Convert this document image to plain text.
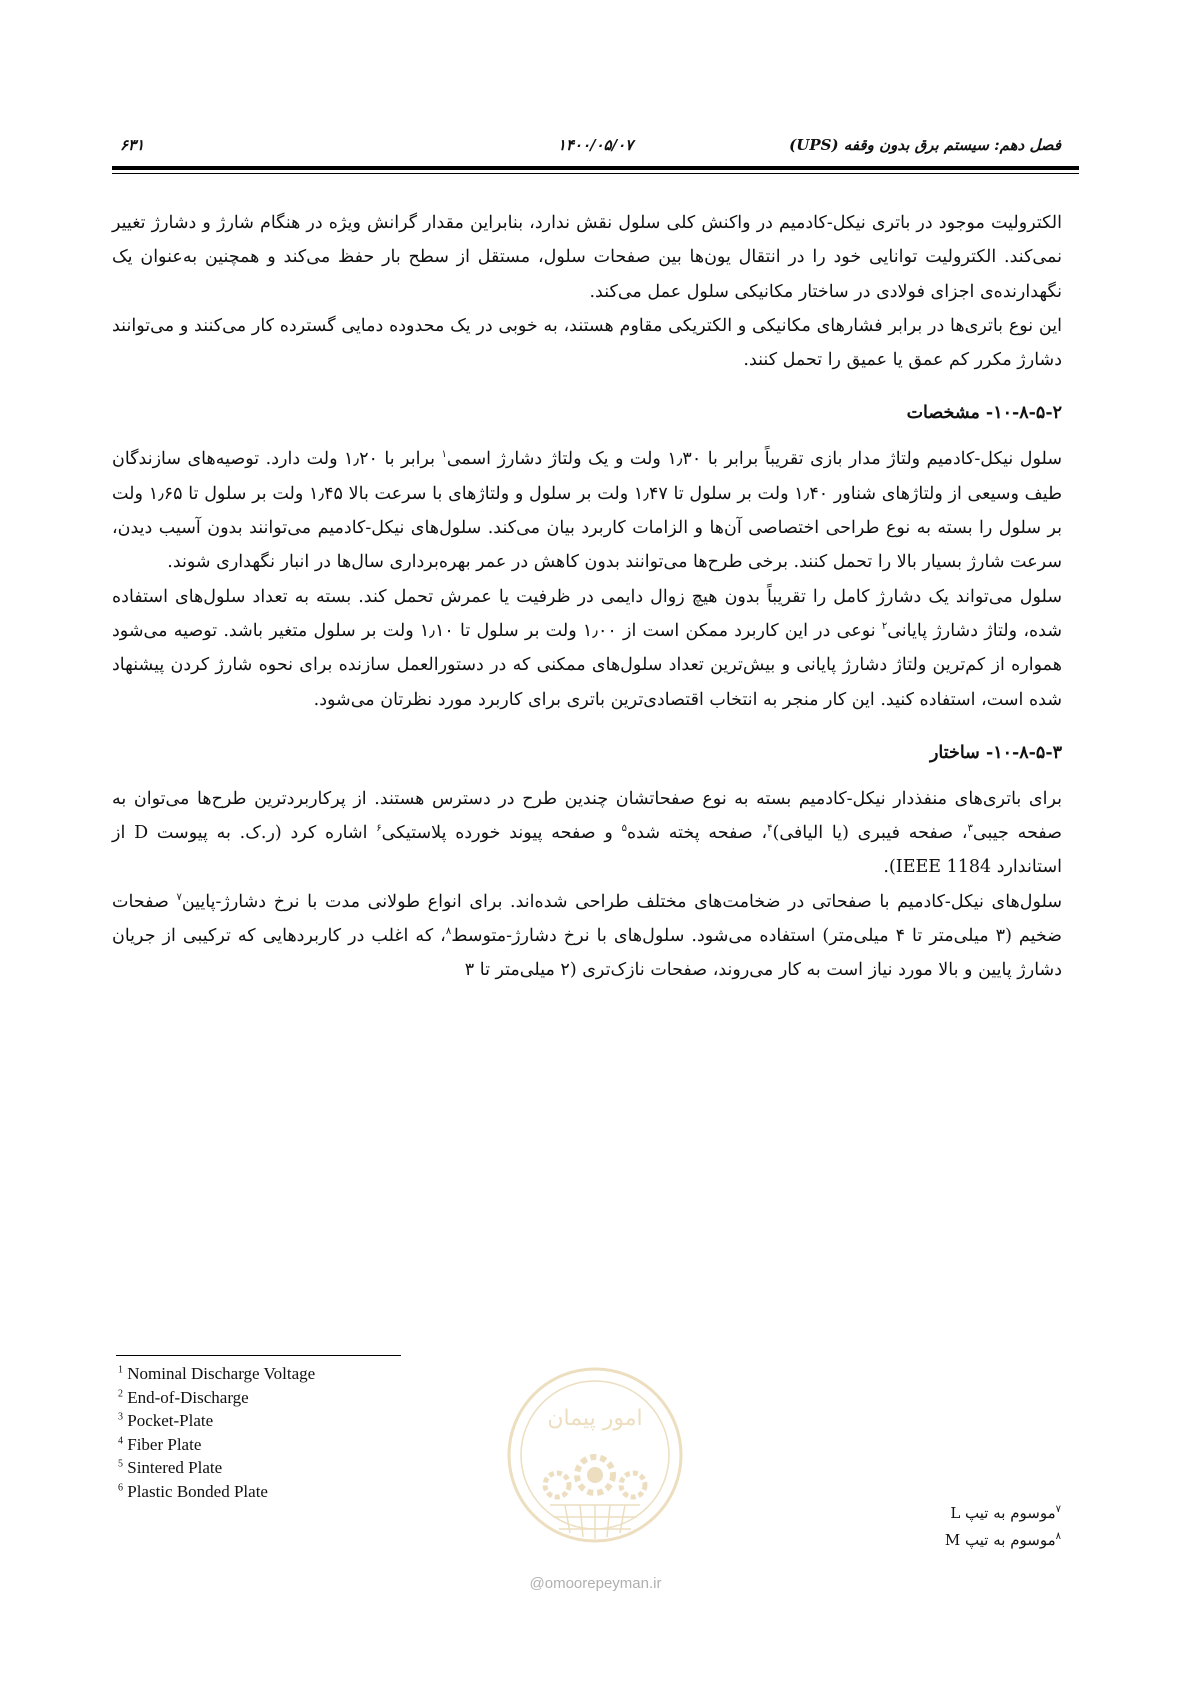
فصل دهم: سیستم برق بدون وقفه (UPS)
۱۴۰۰/۰۵/۰۷
۶۳۱

الکترولیت موجود در باتری نیکل-کادمیم در واکنش کلی سلول نقش ندارد، بنابراین مقدار گرانش ویژه در هنگام شارژ و دشارژ تغییر نمی‌کند. الکترولیت توانایی خود را در انتقال یون‌ها بین صفحات سلول، مستقل از سطح بار حفظ می‌کند و همچنین به‌عنوان یک نگهدارنده‌ی اجزای فولادی در ساختار مکانیکی سلول عمل می‌کند.

این نوع باتری‌ها در برابر فشارهای مکانیکی و الکتریکی مقاوم هستند، به خوبی در یک محدوده دمایی گسترده کار می‌کنند و می‌توانند دشارژ مکرر کم عمق یا عمیق را تحمل کنند.

۱۰-۸-۵-۲- مشخصات

سلول نیکل-کادمیم ولتاژ مدار بازی تقریباً برابر با ۱٫۳۰ ولت و یک ولتاژ دشارژ اسمی$^۱$ برابر با ۱٫۲۰ ولت دارد. توصیه‌های سازندگان طیف وسیعی از ولتاژهای شناور ۱٫۴۰ ولت بر سلول تا ۱٫۴۷ ولت بر سلول و ولتاژهای با سرعت بالا ۱٫۴۵ ولت بر سلول تا ۱٫۶۵ ولت بر سلول را بسته به نوع طراحی اختصاصی آن‌ها و الزامات کاربرد بیان می‌کند. سلول‌های نیکل-کادمیم می‌توانند بدون آسیب دیدن، سرعت شارژ بسیار بالا را تحمل کنند. برخی طرح‌ها می‌توانند بدون کاهش در عمر بهره‌برداری سال‌ها در انبار نگهداری شوند.

سلول می‌تواند یک دشارژ کامل را تقریباً بدون هیچ زوال دایمی در ظرفیت یا عمرش تحمل کند. بسته به تعداد سلول‌های استفاده شده، ولتاژ دشارژ پایانی$^۲$ نوعی در این کاربرد ممکن است از ۱٫۰۰ ولت بر سلول تا ۱٫۱۰ ولت بر سلول متغیر باشد. توصیه می‌شود همواره از کم‌ترین ولتاژ دشارژ پایانی و بیش‌ترین تعداد سلول‌های ممکنی که در دستورالعمل سازنده برای نحوه شارژ کردن پیشنهاد شده است، استفاده کنید. این کار منجر به انتخاب اقتصادی‌ترین باتری برای کاربرد مورد نظرتان می‌شود.

۱۰-۸-۵-۳- ساختار

برای باتری‌های منفذدار نیکل-کادمیم بسته به نوع صفحاتشان چندین طرح در دسترس هستند. از پرکاربردترین طرح‌ها می‌توان به صفحه جیبی$^۳$، صفحه فیبری (یا الیافی)$^۴$، صفحه پخته شده$^۵$ و صفحه پیوند خورده پلاستیکی$^۶$ اشاره کرد (ر.ک. به پیوست D از استاندارد IEEE 1184).

سلول‌های نیکل-کادمیم با صفحاتی در ضخامت‌های مختلف طراحی شده‌اند. برای انواع طولانی مدت با نرخ دشارژ-پایین$^۷$ صفحات ضخیم (۳ میلی‌متر تا ۴ میلی‌متر) استفاده می‌شود. سلول‌های با نرخ دشارژ-متوسط$^۸$، که اغلب در کاربردهایی که ترکیبی از جریان دشارژ پایین و بالا مورد نیاز است به کار می‌روند، صفحات نازک‌تری (۲ میلی‌متر تا ۳

$^1$ Nominal Discharge Voltage
$^2$ End-of-Discharge
$^3$ Pocket-Plate
$^4$ Fiber Plate
$^5$ Sintered Plate
$^6$ Plastic Bonded Plate
$^۷$موسوم به تیپ L
$^۸$موسوم به تیپ M
امور پیمان
@omoorepeyman.ir
